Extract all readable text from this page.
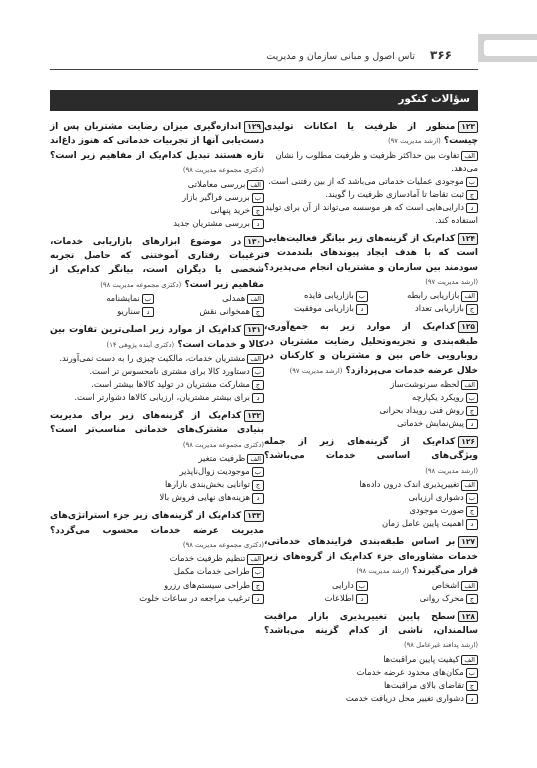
۳۶۶
تاس اصول و مبانی سازمان و مدیریت
سؤالات کنکور
۱۲۳منظور از ظرفیت یا امکانات تولیدی چیست؟ (ارشد مدیریت ۹۷)
الفتفاوت بین حداکثر ظرفیت و ظرفیت مطلوب را نشان می‌دهد.
بموجودی عملیات خدماتی می‌باشد که از بین رفتنی است.
جثبت تقاضا تا آمادسازی ظرفیت را گویند.
ددارایی‌هایی است که هر موسسه می‌تواند از آن برای تولید استفاده کند.
۱۲۴کدام‌یک از گزینه‌های زیر بیانگر فعالیت‌هایی است که با هدف ایجاد پیوندهای بلندمدت و سودمند بین سازمان و مشتریان انجام می‌پذیرد؟ (ارشد مدیریت ۹۷)
الفبازاریابی رابطه
ببازاریابی فایده
جبازاریابی تعداد
دبازاریابی موفقیت
۱۲۵کدام‌یک از موارد زیر به جمع‌آوری، طبقه‌بندی و تجزیه‌وتحلیل رضایت مشتریان در روبارویی خاص بین و مشتریان و کارکنان در خلال عرضه خدمات می‌پردازد؟ (ارشد مدیریت ۹۷)
الفلحظه سرنوشت‌ساز
برویکرد یکپارچه
جروش فنی رویداد بحرانی
دپیش‌نمایش خدماتی
۱۲۶کدام‌یک از گزینه‌های زیر از جمله ویژگی‌های اساسی خدمات می‌باشد؟ (ارشد مدیریت ۹۸)
الفتغییرپذیری اندک درون داده‌ها
بدشواری ارزیابی
جصورت موجودی
داهمیت پایین عامل زمان
۱۲۷بر اساس طبقه‌بندی فرایندهای خدماتی، خدمات مشاوره‌ای جزء کدام‌یک از گروه‌های زیر قرار می‌گیرند؟ (ارشد مدیریت ۹۸)
الفاشخاص
بدارایی
جمحرک روانی
داطلاعات
۱۲۸سطح پایین تغییرپذیری بازار مراقبت سالمندان، ناشی از کدام گزینه می‌باشد؟ (ارشد پدافند غیرعامل ۹۸)
الفکیفیت پایین مراقبت‌ها
بمکان‌های محدود عرضه خدمات
جتقاضای بالای مراقبت‌ها
ددشواری تغییر محل دریافت خدمت
۱۲۹اندازه‌گیری میزان رضایت مشتریان پس از دست‌یابی آنها از تجربیات خدماتی که هنوز داغ‌اند تازه هستند تبدیل کدام‌یک از مفاهیم زیر است؟ (دکتری مجموعه مدیریت ۹۸)
الفبررسی معاملاتی
ببررسی فراگیر بازار
جخرید پنهانی
دبررسی مشتریان جدید
۱۳۰در موضوع ابزارهای بازاریابی خدمات، ترغیبات رفتاری آموختنی که حاصل تجربه شخصی یا دیگران است، بیانگر کدام‌یک از مفاهیم زیر است؟ (دکتری مجموعه مدیریت ۹۸)
الفهمدلی
بنمایشنامه
جهمخوانی نقش
دسناریو
۱۳۱کدام‌یک از موارد زیر اصلی‌ترین تفاوت بین کالا و خدمات است؟ (دکتری آینده پژوهی ۱۴)
الفمشتریان خدمات، مالکیت چیزی را به دست نمی‌آورند.
بدستاورد کالا برای مشتری نامحسوس تر است.
جمشارکت مشتریان در تولید کالاها بیشتر است.
دبرای بیشتر مشتریان، ارزیابی کالاها دشوارتر است.
۱۳۲کدام‌یک از گزینه‌های زیر برای مدیریت بنیادی مشترک‌های خدماتی مناسب‌تر است؟ (دکتری مجموعه مدیریت ۹۸)
الفظرفیت متغیر
بموجودیت زوال‌ناپذیر
جتوانایی بخش‌بندی بازارها
دهزینه‌های نهایی فروش بالا
۱۳۳کدام‌یک از گزینه‌های زیر جزء استراتژی‌های مدیریت عرضه خدمات محسوب می‌گردد؟ (دکتری مجموعه مدیریت ۹۸)
الفتنظیم ظرفیت خدمات
بطراحی خدمات مکمل
جطراحی سیستم‌های رزرو
دترغیب مراجعه در ساعات خلوت
